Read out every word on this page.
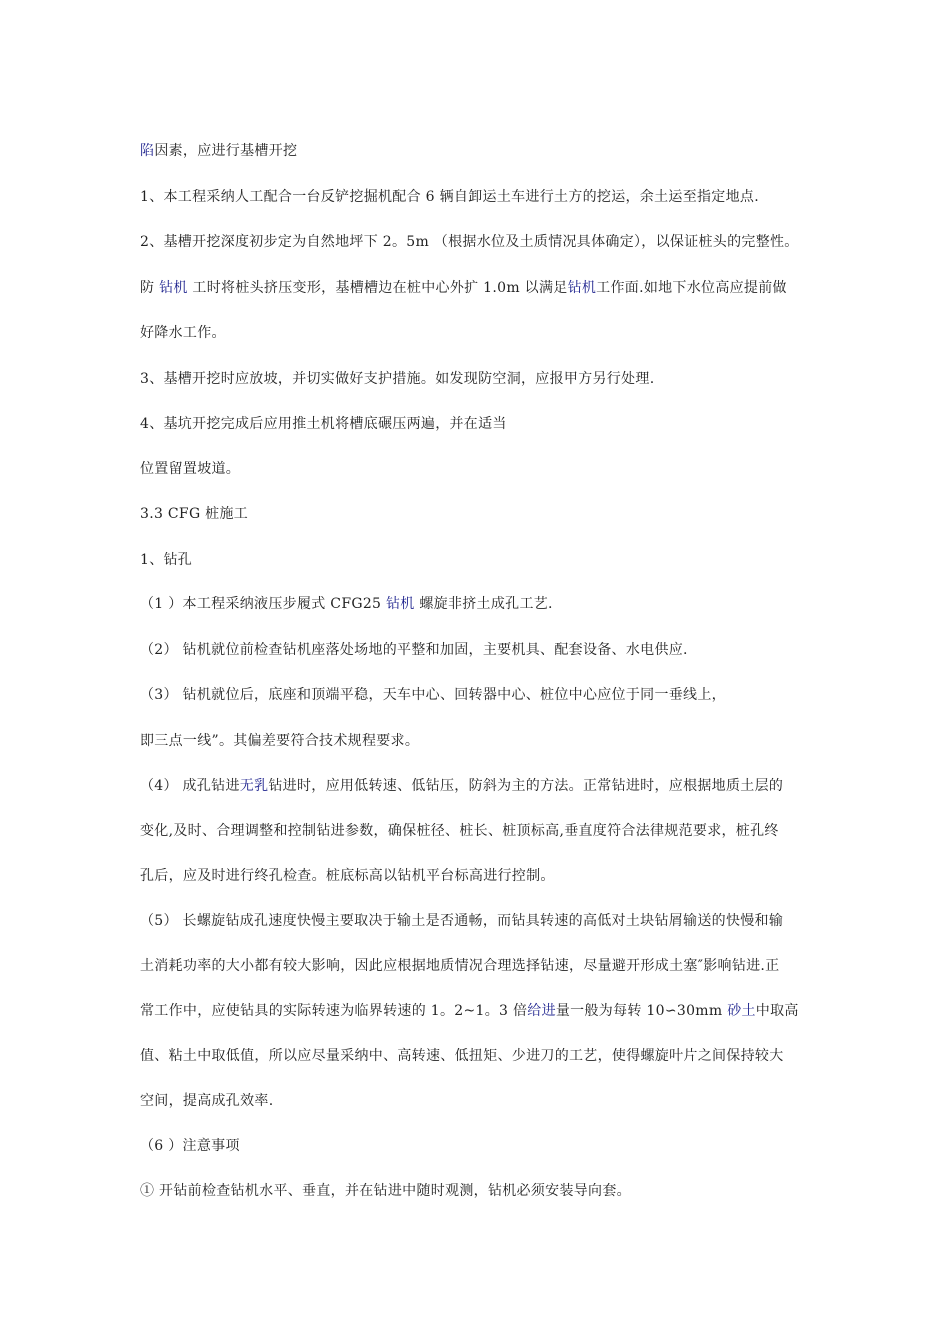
陷因素，应进行基槽开挖
1、本工程采纳人工配合一台反铲挖掘机配合 6 辆自卸运土车进行土方的挖运，余土运至指定地点.
2、基槽开挖深度初步定为自然地坪下 2。5m （根据水位及土质情况具体确定），以保证桩头的完整性。
防 钻机 工时将桩头挤压变形，基槽槽边在桩中心外扩 1.0m 以满足钻机工作面.如地下水位高应提前做
好降水工作。
3、基槽开挖时应放坡，并切实做好支护措施。如发现防空洞，应报甲方另行处理.
4、基坑开挖完成后应用推土机将槽底碾压两遍，并在适当
位置留置坡道。
3.3 CFG 桩施工
1、钻孔
（1 ）本工程采纳液压步履式 CFG25 钻机 螺旋非挤土成孔工艺.
（2） 钻机就位前检查钻机座落处场地的平整和加固，主要机具、配套设备、水电供应.
（3） 钻机就位后，底座和顶端平稳，天车中心、回转器中心、桩位中心应位于同一垂线上，
即三点一线”。其偏差要符合技术规程要求。
（4） 成孔钻进无乳钻进时，应用低转速、低钻压，防斜为主的方法。正常钻进时，应根据地质土层的
变化,及时、合理调整和控制钻进参数，确保桩径、桩长、桩顶标高,垂直度符合法律规范要求，桩孔终
孔后，应及时进行终孔检查。桩底标高以钻机平台标高进行控制。
（5） 长螺旋钻成孔速度快慢主要取决于输土是否通畅，而钻具转速的高低对土块钻屑输送的快慢和输
土消耗功率的大小都有较大影响，因此应根据地质情况合理选择钻速，尽量避开形成土塞″影响钻进.正
常工作中，应使钻具的实际转速为临界转速的 1。2~1。3 倍给进量一般为每转 10∽30mm 砂土中取高
值、粘土中取低值，所以应尽量采纳中、高转速、低扭矩、少进刀的工艺，使得螺旋叶片之间保持较大
空间，提高成孔效率.
（6 ）注意事项
① 开钻前检查钻机水平、垂直，并在钻进中随时观测，钻机必须安装导向套。
